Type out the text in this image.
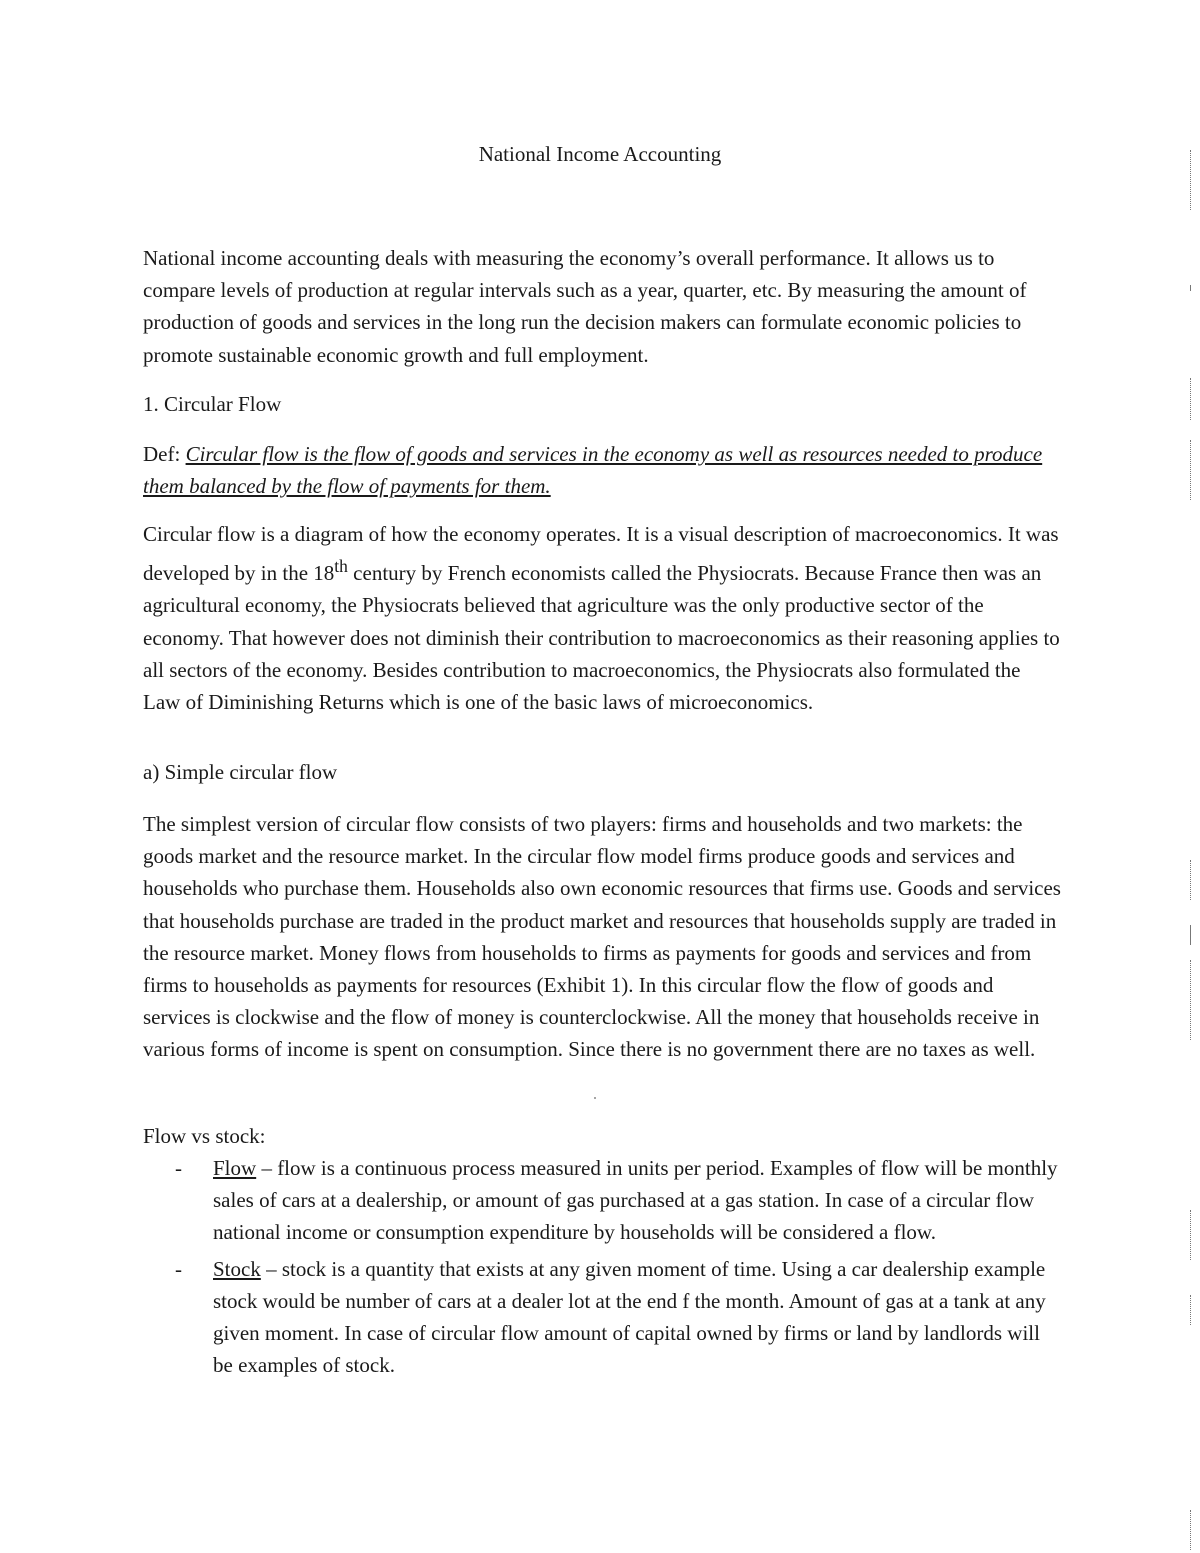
National Income Accounting

National income accounting deals with measuring the economy’s overall performance. It allows us to compare levels of production at regular intervals such as a year, quarter, etc. By measuring the amount of production of goods and services in the long run the decision makers can formulate economic policies to promote sustainable economic growth and full employment.

1. Circular Flow

Def: Circular flow is the flow of goods and services in the economy as well as resources needed to produce them balanced by the flow of payments for them.

Circular flow is a diagram of how the economy operates. It is a visual description of macroeconomics. It was developed by in the 18th century by French economists called the Physiocrats. Because France then was an agricultural economy, the Physiocrats believed that agriculture was the only productive sector of the economy. That however does not diminish their contribution to macroeconomics as their reasoning applies to all sectors of the economy. Besides contribution to macroeconomics, the Physiocrats also formulated the Law of Diminishing Returns which is one of the basic laws of microeconomics.

a) Simple circular flow

The simplest version of circular flow consists of two players: firms and households and two markets: the goods market and the resource market. In the circular flow model firms produce goods and services and households who purchase them. Households also own economic resources that firms use. Goods and services that households purchase are traded in the product market and resources that households supply are traded in the resource market. Money flows from households to firms as payments for goods and services and from firms to households as payments for resources (Exhibit 1). In this circular flow the flow of goods and services is clockwise and the flow of money is counterclockwise. All the money that households receive in various forms of income is spent on consumption. Since there is no government there are no taxes as well.

Flow vs stock:

- Flow – flow is a continuous process measured in units per period. Examples of flow will be monthly sales of cars at a dealership, or amount of gas purchased at a gas station. In case of a circular flow national income or consumption expenditure by households will be considered a flow.
- Stock – stock is a quantity that exists at any given moment of time. Using a car dealership example stock would be number of cars at a dealer lot at the end f the month. Amount of gas at a tank at any given moment. In case of circular flow amount of capital owned by firms or land by landlords will be examples of stock.
